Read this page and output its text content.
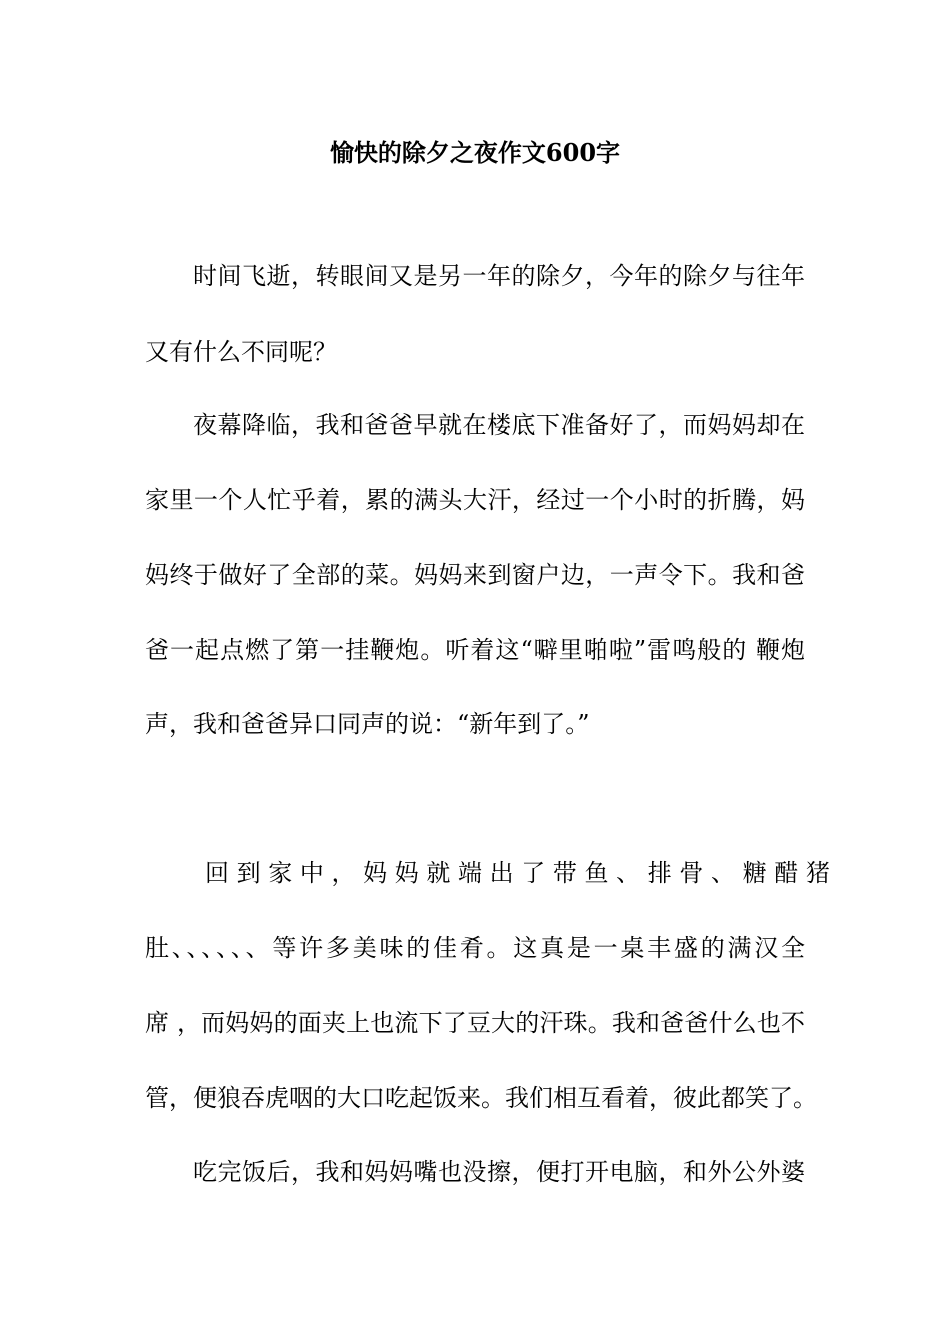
愉快的除夕之夜作文600字

时间飞逝，转眼间又是另一年的除夕，今年的除夕与往年

又有什么不同呢？

夜幕降临，我和爸爸早就在楼底下准备好了，而妈妈却在

家里一个人忙乎着，累的满头大汗，经过一个小时的折腾，妈

妈终于做好了全部的菜。妈妈来到窗户边，一声令下。我和爸

爸一起点燃了第一挂鞭炮。听着这“噼里啪啦”雷鸣般的 鞭炮

声，我和爸爸异口同声的说：“新年到了。”

回 到 家 中 ， 妈 妈 就 端 出 了 带 鱼 、 排 骨 、 糖 醋 猪

肚、、、、、、等许多美味的佳肴。这真是一桌丰盛的满汉全

席 ，而妈妈的面夹上也流下了豆大的汗珠。我和爸爸什么也不

管，便狼吞虎咽的大口吃起饭来。我们相互看着，彼此都笑了。

吃完饭后，我和妈妈嘴也没擦，便打开电脑，和外公外婆
